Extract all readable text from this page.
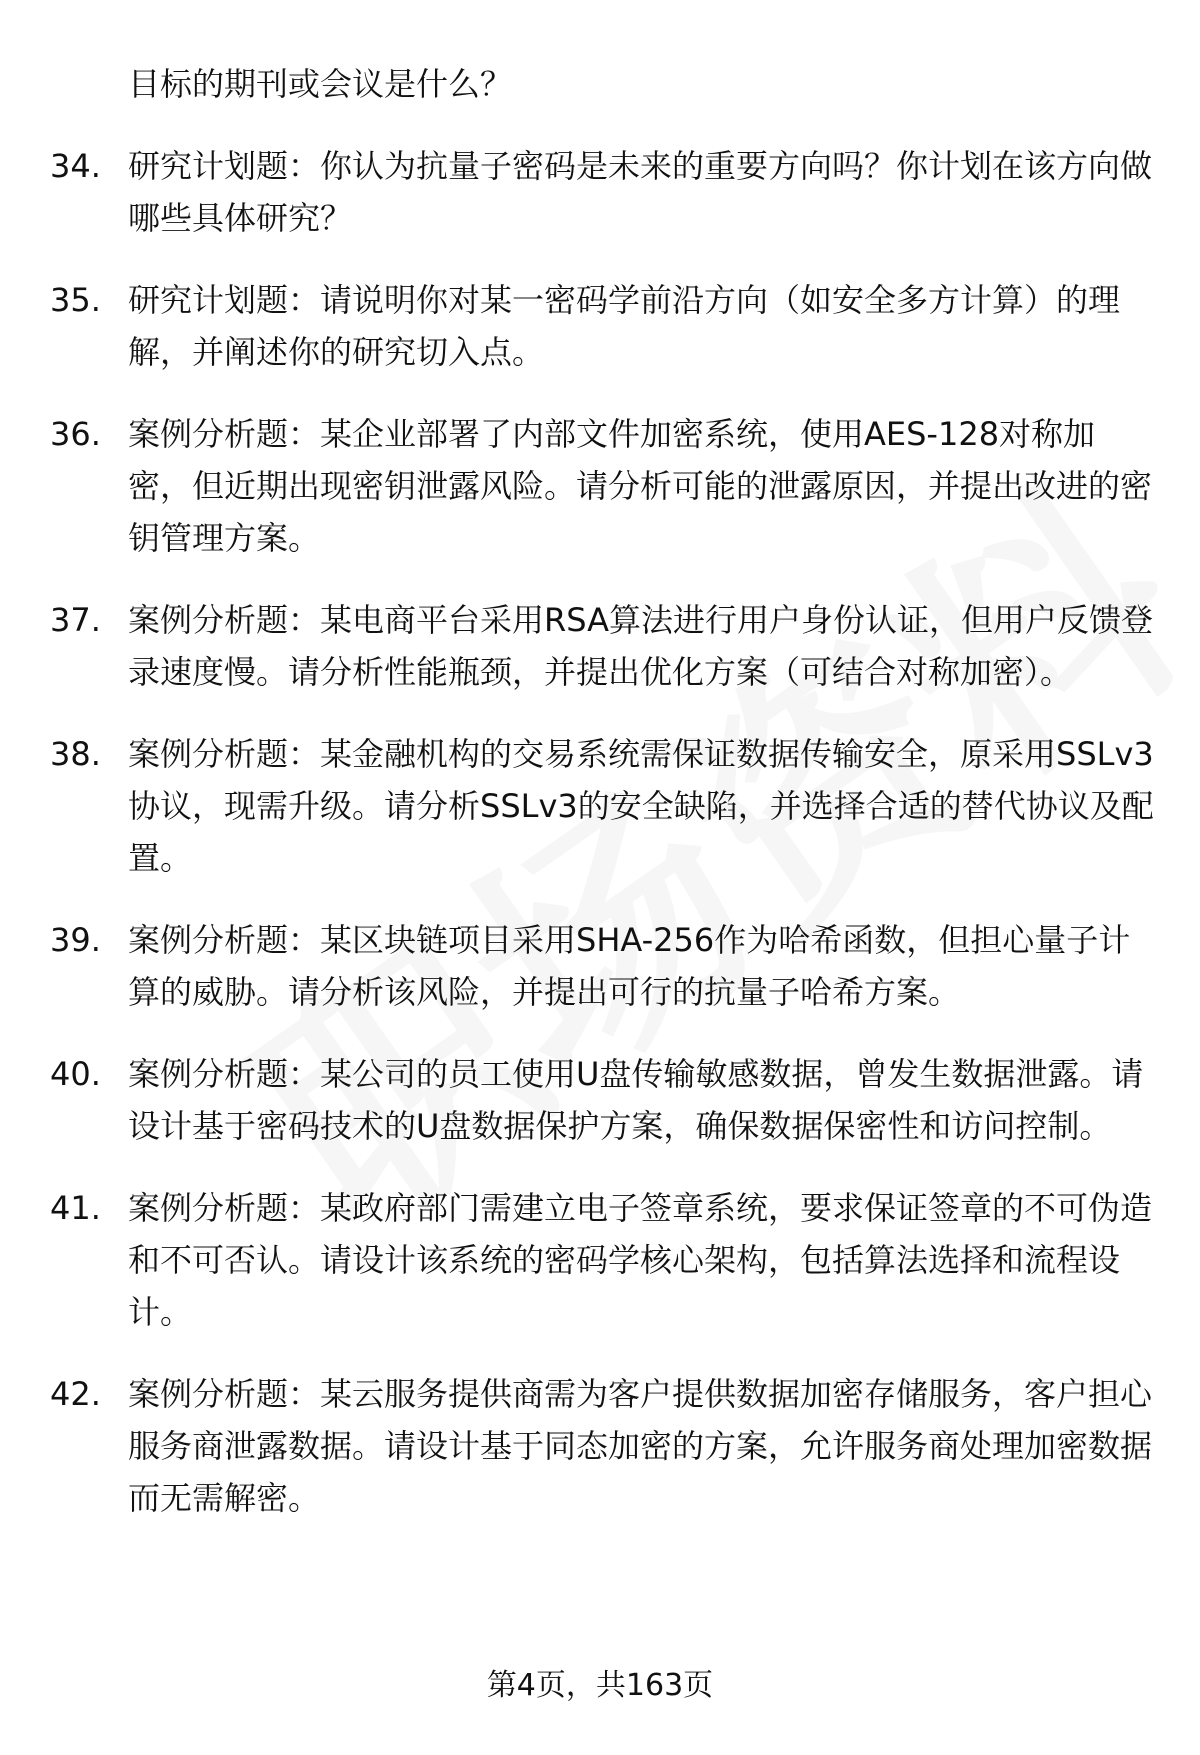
目标的期刊或会议是什么？

34. 研究计划题：你认为抗量子密码是未来的重要方向吗？你计划在该方向做哪些具体研究？
35. 研究计划题：请说明你对某一密码学前沿方向（如安全多方计算）的理解，并阐述你的研究切入点。
36. 案例分析题：某企业部署了内部文件加密系统，使用AES-128对称加密，但近期出现密钥泄露风险。请分析可能的泄露原因，并提出改进的密钥管理方案。
37. 案例分析题：某电商平台采用RSA算法进行用户身份认证，但用户反馈登录速度慢。请分析性能瓶颈，并提出优化方案（可结合对称加密）。
38. 案例分析题：某金融机构的交易系统需保证数据传输安全，原采用SSLv3协议，现需升级。请分析SSLv3的安全缺陷，并选择合适的替代协议及配置。
39. 案例分析题：某区块链项目采用SHA-256作为哈希函数，但担心量子计算的威胁。请分析该风险，并提出可行的抗量子哈希方案。
40. 案例分析题：某公司的员工使用U盘传输敏感数据，曾发生数据泄露。请设计基于密码技术的U盘数据保护方案，确保数据保密性和访问控制。
41. 案例分析题：某政府部门需建立电子签章系统，要求保证签章的不可伪造和不可否认。请设计该系统的密码学核心架构，包括算法选择和流程设计。
42. 案例分析题：某云服务提供商需为客户提供数据加密存储服务，客户担心服务商泄露数据。请设计基于同态加密的方案，允许服务商处理加密数据而无需解密。
第4页，共163页
